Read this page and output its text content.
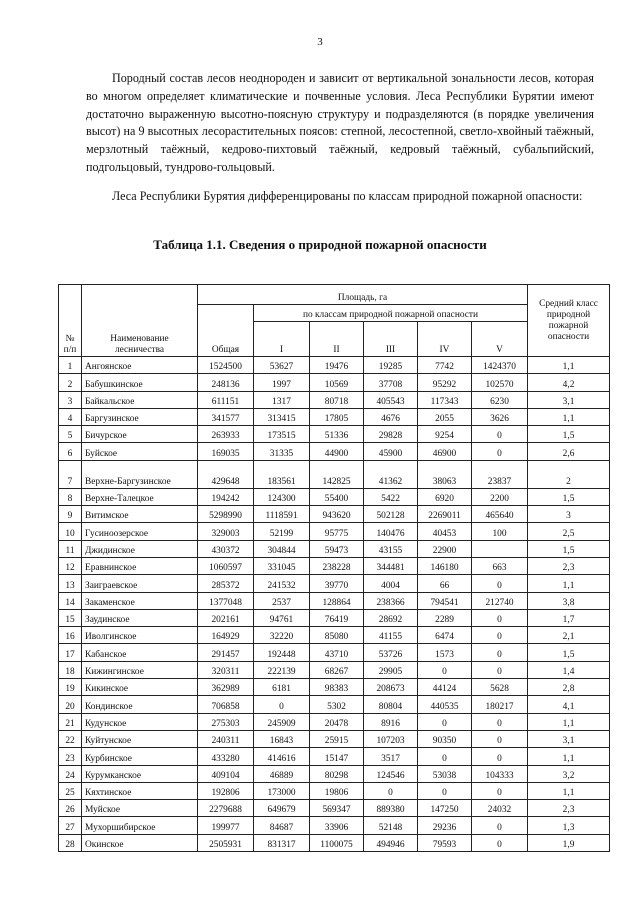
3

Породный состав лесов неоднороден и зависит от вертикальной зональности лесов, которая во многом определяет климатические и почвенные условия. Леса Республики Бурятии имеют достаточно выраженную высотно-поясную структуру и подразделяются (в порядке увеличения высот) на 9 высотных лесорастительных поясов: степной, лесостепной, светло-хвойный таёжный, мерзлотный таёжный, кедрово-пихтовый таёжный, кедровый таёжный, субальпийский, подгольцовый, тундрово-гольцовый.

Леса Республики Бурятия дифференцированы по классам природной пожарной опасности:

Таблица 1.1. Сведения о природной пожарной опасности
№ п/п	Наименование лесничества	Площадь, га						Средний класс природной пожарной опасности
		Общая	по классам природной пожарной опасности					
			I	II	III	IV	V	
1	Ангоянское	1524500	53627	19476	19285	7742	1424370	1,1
2	Бабушкинское	248136	1997	10569	37708	95292	102570	4,2
3	Байкальское	611151	1317	80718	405543	117343	6230	3,1
4	Баргузинское	341577	313415	17805	4676	2055	3626	1,1
5	Бичурское	263933	173515	51336	29828	9254	0	1,5
6	Буйское	169035	31335	44900	45900	46900	0	2,6
7	Верхне-Баргузинское	429648	183561	142825	41362	38063	23837	2
8	Верхне-Талецкое	194242	124300	55400	5422	6920	2200	1,5
9	Витимское	5298990	1118591	943620	502128	2269011	465640	3
10	Гусиноозерское	329003	52199	95775	140476	40453	100	2,5
11	Джидинское	430372	304844	59473	43155	22900		1,5
12	Еравнинское	1060597	331045	238228	344481	146180	663	2,3
13	Заиграевское	285372	241532	39770	4004	66	0	1,1
14	Закаменское	1377048	2537	128864	238366	794541	212740	3,8
15	Заудинское	202161	94761	76419	28692	2289	0	1,7
16	Иволгинское	164929	32220	85080	41155	6474	0	2,1
17	Кабанское	291457	192448	43710	53726	1573	0	1,5
18	Кижингинское	320311	222139	68267	29905	0	0	1,4
19	Кикинское	362989	6181	98383	208673	44124	5628	2,8
20	Кондинское	706858	0	5302	80804	440535	180217	4,1
21	Кудунское	275303	245909	20478	8916	0	0	1,1
22	Куйтунское	240311	16843	25915	107203	90350	0	3,1
23	Курбинское	433280	414616	15147	3517	0	0	1,1
24	Курумканское	409104	46889	80298	124546	53038	104333	3,2
25	Кяхтинское	192806	173000	19806	0	0	0	1,1
26	Муйское	2279688	649679	569347	889380	147250	24032	2,3
27	Мухоршибирское	199977	84687	33906	52148	29236	0	1,3
28	Окинское	2505931	831317	1100075	494946	79593	0	1,9
